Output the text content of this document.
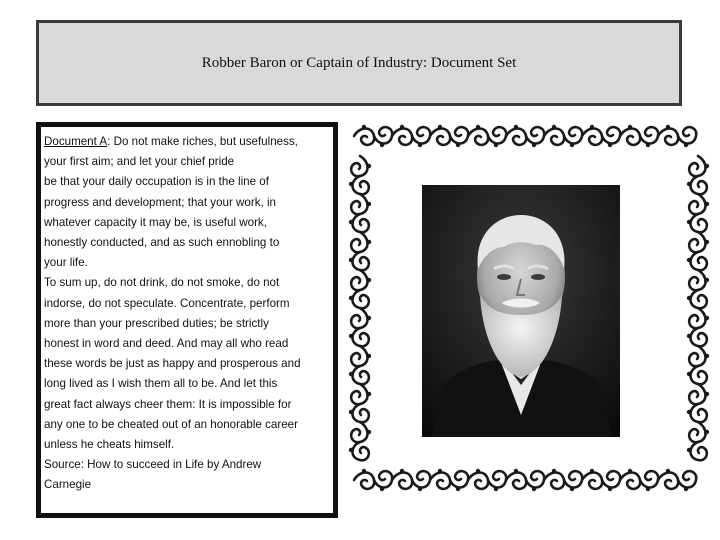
Robber Baron or Captain of Industry: Document Set
Document A: Do not make riches, but usefulness,
your first aim; and let your chief pride
be that your daily occupation is in the line of
progress and development; that your work, in
whatever capacity it may be, is useful work,
honestly conducted, and as such ennobling to
your life.
To sum up, do not drink, do not smoke, do not
indorse, do not speculate. Concentrate, perform
more than your prescribed duties; be strictly
honest in word and deed. And may all who read
these words be just as happy and prosperous and
long lived as I wish them all to be. And let this
great fact always cheer them: It is impossible for
any one to be cheated out of an honorable career
unless he cheats himself.
Source: How to succeed in Life by Andrew
Carnegie
